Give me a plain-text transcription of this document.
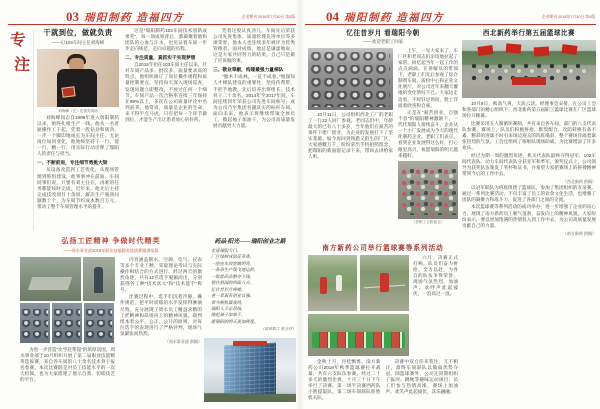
03 瑞阳制药 造福四方	企业期刊 2018年7月30日 第3版
专
注
干就到位，做就负责
——记103车间主任刘海峰
刘海峰（左）在领奖现场

刘海峰同志自1999年进入瑞阳制药以来，始终扎根生产一线。他从一名普通操作工干起，凭着一股钻劲和韧劲，一步一个脚印地成长为车间主任。无论岗位如何变化，他始终坚持干一行、爱一行、精一行，用实际行动诠释了瑞阳人的责任与担当。

一、不断前进，专注细节勇挑大梁

从设备改造到工艺优化，从现场管理到班组建设，他事事冲在前面。车间同事们说，只要有刘主任在，再难的任务都能按时完成。近年来，他先后主持完成技改项目十余项，解决生产瓶颈问题数十个，为车间节约成本数百万元，带动了整个车间管理水平的提升。

这是“瑞阳制药103车间技术创新成果奖”，每一项成果背后，都凝聚着他和团队的心血与汗水，也见证着车间一步步走向规范、走向卓越的历程。

二、专注质量，真抓实干实现梦想

自2015年担任103车间主任以来，针对车间产品多、批次多、质量要求高的特点，他组织修订了岗位操作规程和质量控制要点，坚持每天深入现场巡查，发现问题立即整改，不放过任何一个细节。车间产品一次合格率连续三年保持在99%以上，多次在公司质量评比中名列前茅。他常说，质量是企业的生命，来不得半点马虎，只有把每一个环节做到位，才能生产出让患者放心的好药。

凭着这股认真劲儿，车间先后荣获公司先进集体、质量管理先进单位等多项荣誉，他本人也连续多年被评为优秀管理者。面对成绩，他总是谦虚地说，这是大家共同努力的结果，自己只是做了应该做的事。

三、敬业奉献，构建最强力量梯队

“独木不成林，一花不成春。”他深知人才梯队建设的重要性，坚持传帮带，手把手地教，先后培养出班组长、技术骨干二十余名。2014年至2017年间，车间连续四年荣获公司先进车间称号，成为公司乃至集团名副其实的标杆车间。面向未来，他表示将继续带领全体员工，撸起袖子加油干，为公司高质量发展贡献更大力量。

弘扬工匠精神 争做时代精英
——周水事业部2018年职业技能精英选拔赛圆满落幕

为进一步营造“比学赶帮超”的浓厚氛围，周水事业部于10月组织开展了第二届职业技能精英选拔赛，来自各车间的八十余名技术骨干报名参赛。本次比赛既是对员工技能水平的一次大检阅，也为大家搭建了展示自我、切磋技艺的平台。

内容涵盖制水、空调、电气、仪表等多个专业工种，采取理论考试与实际操作相结合的方式进行。经过两天的激烈角逐，共有12名选手脱颖而出，分别获得各工种“技术状元”和“技术能手”称号。

比赛过程中，选手们沉着冷静、操作规范，把平时训练的水平发挥得淋漓尽致，充分展现了周水员工精益求精的工匠精神和昂扬向上的精神风貌。裁判组本着公平、公正、公开的原则，对每位选手的表现进行了严格评判，现场气氛紧张而热烈。

（周水事业部 供稿）
药品·阳光——瑞阳创业之路
走进瑞阳大门，
厂区绿树成荫花草香，
一座座车间宽敞明亮，
一条条生产线飞速运转，
一批批药品整齐下线，
销往祖国的四面八方。
忆往昔岁月峥嵘，
老一辈艰苦创业自强，
看今朝机器轰鸣，
瑞阳人斗志昂扬，
撸起袖子加油干，
愿瑞阳的明天更加辉煌。
（退休职工 张玉祥）
04 瑞阳制药 造福四方	企业期刊 2018年7月30日 第4版
忆往昔岁月 看瑞阳今朝
——欢迎老职工回家

10月11日，公司组织西北工厂的老职工一行22人回厂参观。老同志们中，年龄最大的已有八十多岁，当年他们在艰苦的条件下建厂创业，为企业的发展打下了坚实基础。如今再回到熟悉又陌生的厂区，大家感慨万千，纷纷拿出手机拍照留念，把瑞阳的新面貌记录下来，带回去讲给家人听。

上午，一见大家来了，车厂区和老同志们亲切地拉起了家常，回忆起当年一起工作的点点滴滴。在讲解员的带领下，老职工们先后参观了综合制剂车间、质检中心和企业文化展厅，对公司近年来翻天覆地的变化赞叹不已。大家边走边看，不时驻足询问，脸上洋溢着欣喜和自豪。

正是在“艰苦创业、自强不息”的瑞阳精神激励下，一代代瑞阳人接续奋斗，企业从一个小厂发展成为今天的现代化制药企业。老职工们表示，看到企业发展得这么好，打心眼里高兴，祝愿瑞阳的明天越来越好。

（老职工合影留念）
西北新药举行第五届篮球比赛

10月8日，秋高气爽，天高云淡。经理事会安排，在公司工会和各部门的精心组织下，西北新药第五届职工篮球比赛在厂区篮球场拉开帷幕。

比赛采用五人制循环赛制，共有来自各车间、部门的八支代表队参赛。赛场上，队员们积极拼抢、默契配合，攻防转换有条不紊，精彩的进球不时引来场边观众的阵阵喝彩，整个赛场洋溢着紧张热烈的气氛。工会还组织了啦啦队现场助威，为比赛增添了许多欢乐。

经过为期一周的激烈角逐，机关代表队最终夺得冠军，102车间代表队、动力车间代表队分获亚军和季军。颁奖仪式上，公司领导为获奖队伍颁发了奖杯和证书，并希望大家把赛场上的拼搏精神带到今后的工作中去。

（西北新药 供稿）

以冠军联队为班底组建了篮球队，参加了集团组织的友谊赛。通过一系列比赛活动，不仅丰富了员工的业余文化生活，也增强了团队的凝聚力和战斗力，促进了各部门之间的交流。

本次篮球赛等系列活动的成功举办，进一步增强了企业的向心力，展现了南方新药员工朝气蓬勃、奋发向上的精神风貌。大家纷纷表示，要以更加饱满的热情投入到工作中去，为公司高质量发展贡献自己的力量。

（南方新药 供稿）
南方新药公司举行篮球赛等系列活动

六月，决赛正式打响。队员们奋力拼抢、全力以赴，为各自的队伍争得荣誉，现场气氛热烈，加油声、欢呼声此起彼伏，一浪高过一浪。

金秋十月，丹桂飘香。南方新药公司2018年秋季篮球赛拉开战幕，共有六支队伍参赛。经过二十多天的激烈比拼，十月三十日下午举行了决赛。第一场半决赛西药队小胜提取队，第二场车间联队险胜机关队。

决赛中双方你来我往、互不相让，最终车间联队以微弱优势夺冠。除篮球赛外，公司还同期组织了拔河、跳绳等趣味运动项目，员工们参与热情高涨，赛场上加油声、欢笑声此起彼伏，其乐融融。
